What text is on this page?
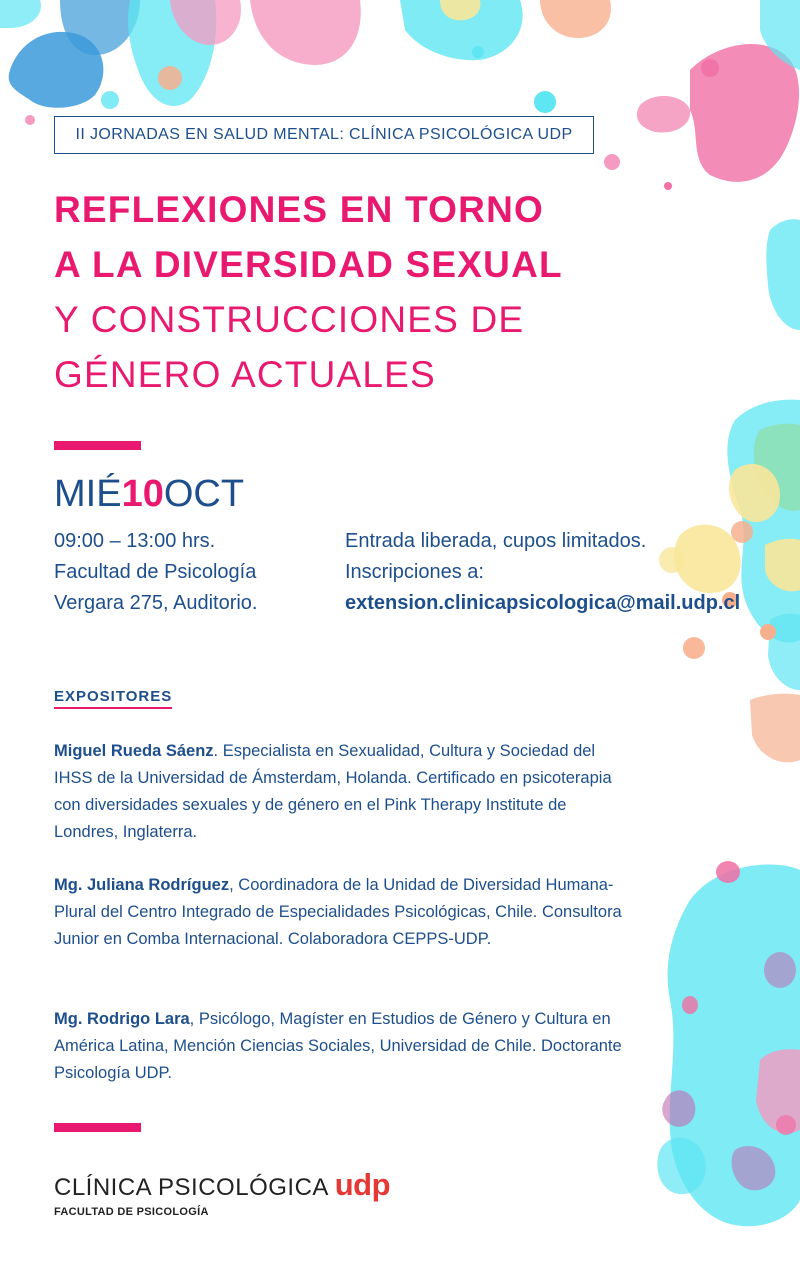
II JORNADAS EN SALUD MENTAL: CLÍNICA PSICOLÓGICA UDP
REFLEXIONES EN TORNO
A LA DIVERSIDAD SEXUAL
Y CONSTRUCCIONES DE
GÉNERO ACTUALES
MIÉ10OCT
09:00 – 13:00 hrs.
Facultad de Psicología
Vergara 275, Auditorio.
Entrada liberada, cupos limitados.
Inscripciones a:
extension.clinicapsicologica@mail.udp.cl
EXPOSITORES

Miguel Rueda Sáenz. Especialista en Sexualidad, Cultura y Sociedad del IHSS de la Universidad de Ámsterdam, Holanda. Certificado en psicoterapia con diversidades sexuales y de género en el Pink Therapy Institute de Londres, Inglaterra.

Mg. Juliana Rodríguez, Coordinadora de la Unidad de Diversidad Humana-Plural del Centro Integrado de Especialidades Psicológicas, Chile. Consultora Junior en Comba Internacional. Colaboradora CEPPS-UDP.

Mg. Rodrigo Lara, Psicólogo, Magíster en Estudios de Género y Cultura en América Latina, Mención Ciencias Sociales, Universidad de Chile. Doctorante Psicología UDP.

CLÍNICA PSICOLÓGICA udp
FACULTAD DE PSICOLOGÍA
